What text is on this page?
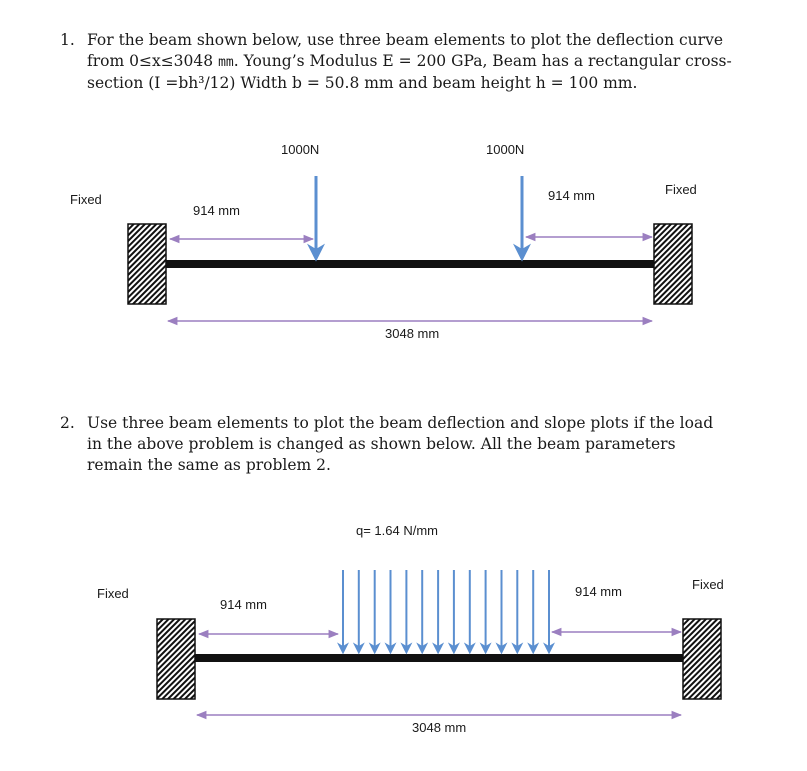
1. For the beam shown below, use three beam elements to plot the deflection curve
from 0≤x≤3048 mm. Young’s Modulus E = 200 GPa, Beam has a rectangular cross-
section (I =bh³/12) Width b = 50.8 mm and beam height h = 100 mm.
2. Use three beam elements to plot the beam deflection and slope plots if the load
in the above problem is changed as shown below. All the beam parameters
remain the same as problem 2.
Fixed
Fixed
1000N	1000N
914 mm
914 mm
3048 mm
Fixed
Fixed
q= 1.64 N/mm
914 mm
914 mm
3048 mm
